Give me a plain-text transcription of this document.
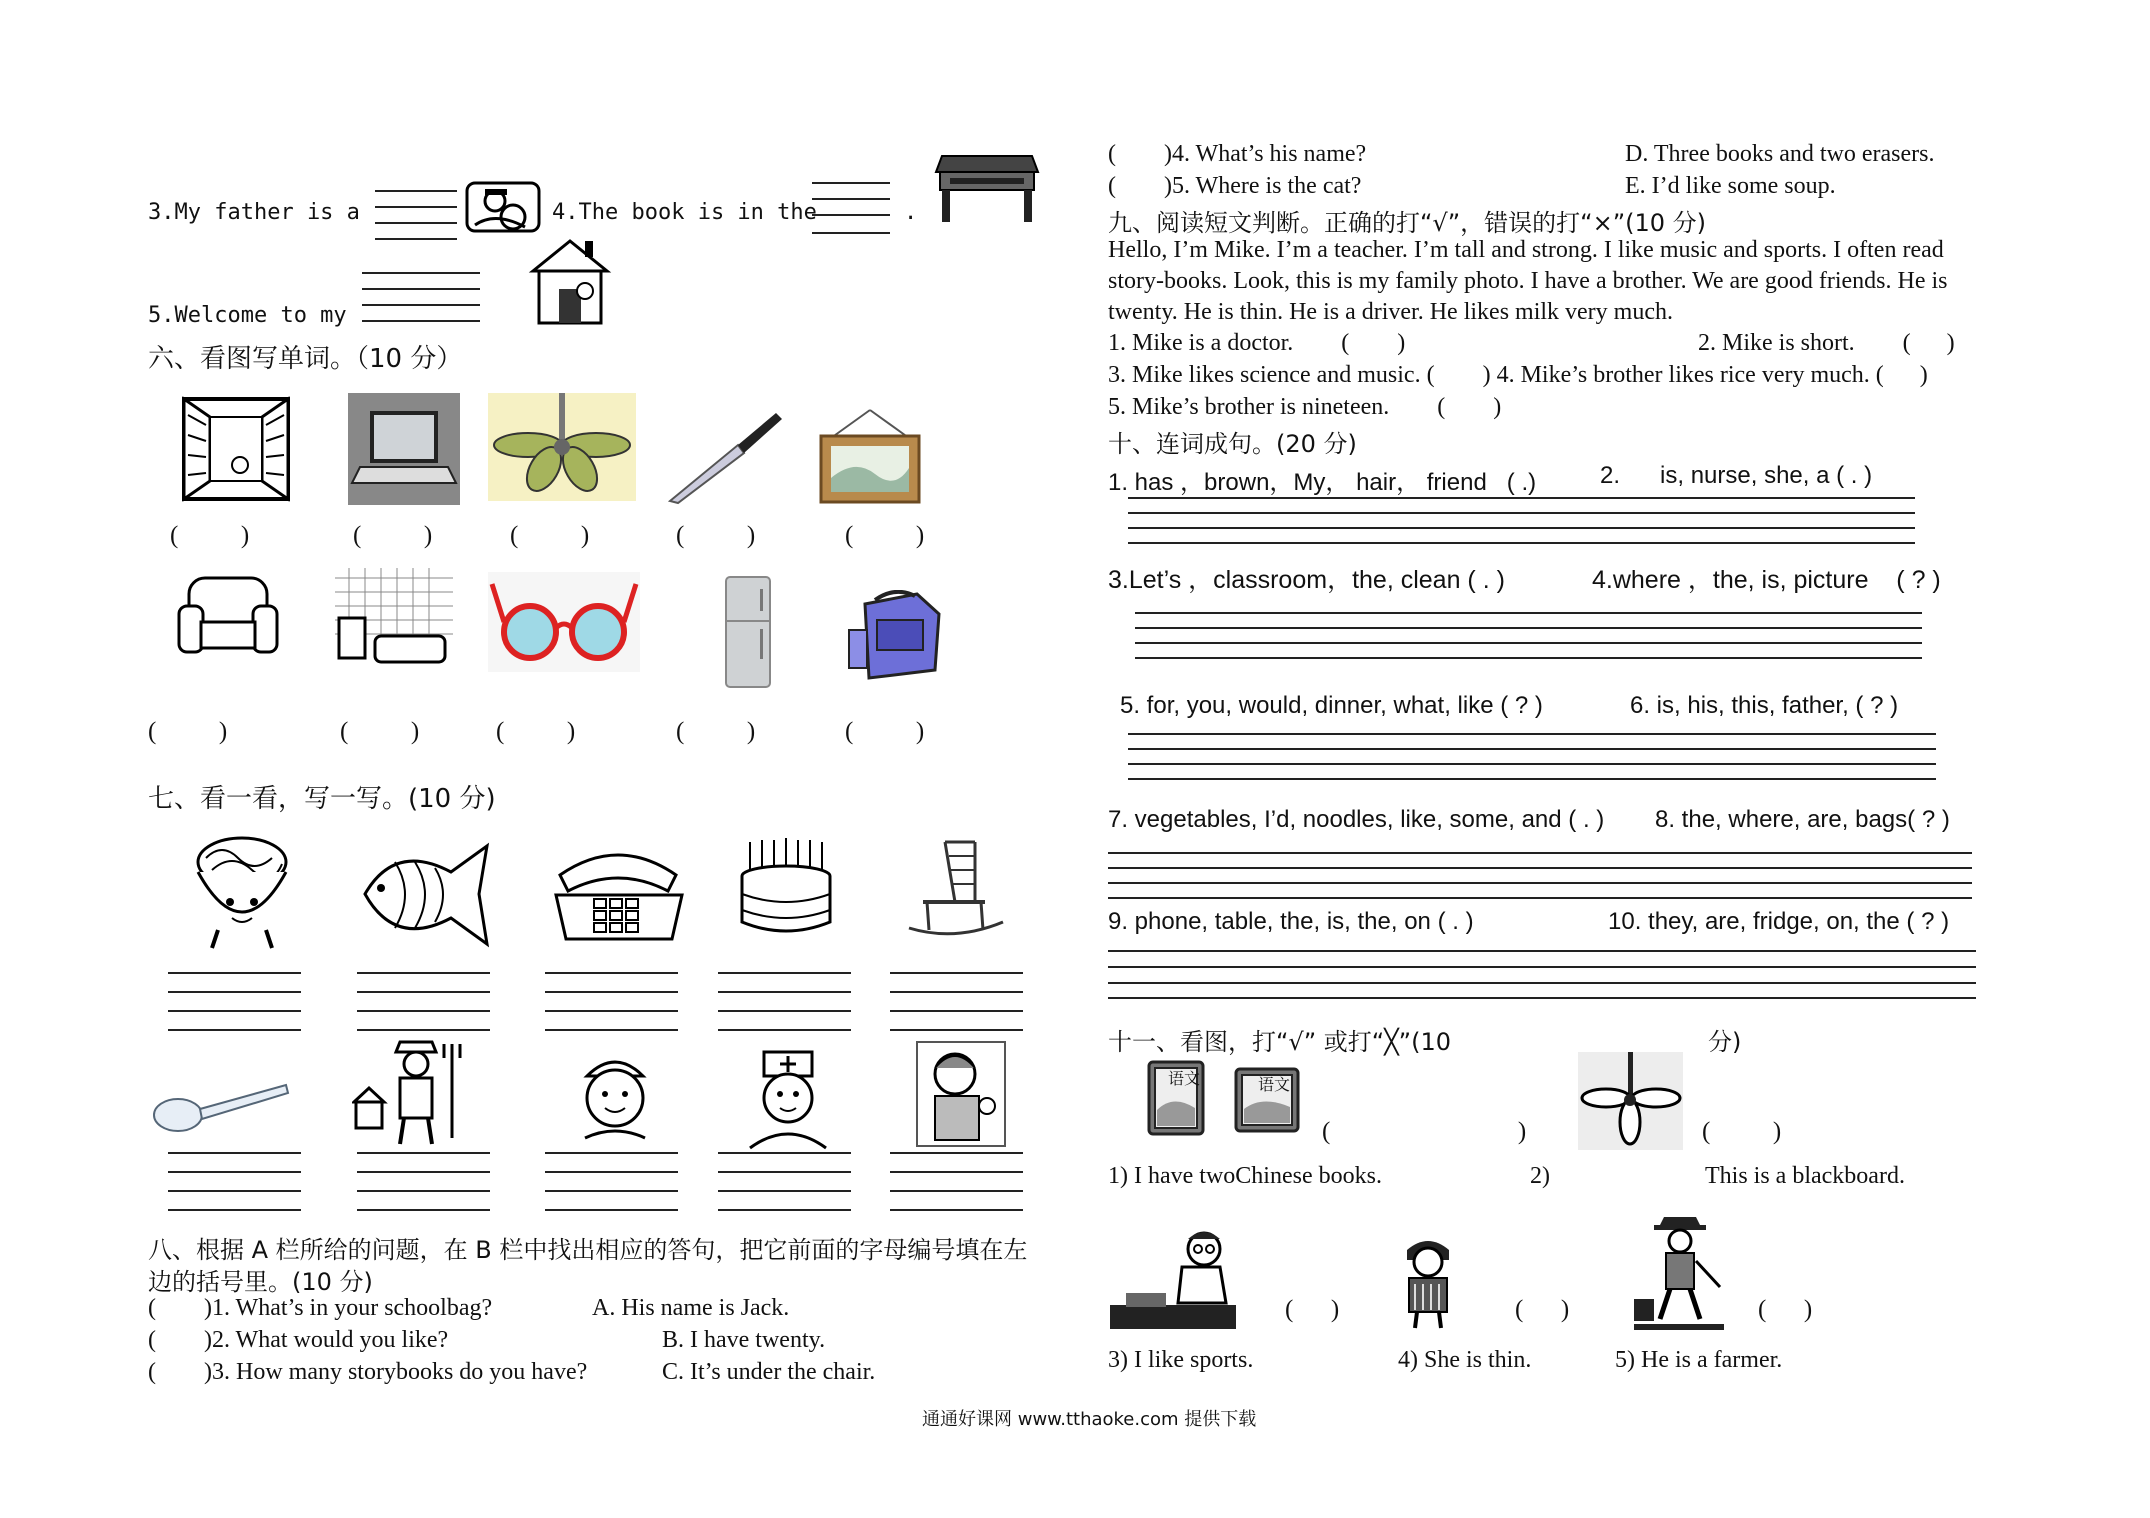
3.My father is a	4.The book is in the	.
5.Welcome to my
六、看图写单词。（10 分）
(          )	(          )	(          )	(          )	(          )
(          )	(          )	(          )	(          )	(          )
七、看一看，写一写。(10 分)
八、根据 A 栏所给的问题，在 B 栏中找出相应的答句，把它前面的字母编号填在左
边的括号里。(10 分)
(        )1. What’s in your schoolbag?
(        )2. What would you like?
(        )3. How many storybooks do you have?
A. His name is Jack.
B. I have twenty.
C. It’s under the chair.
(        )4. What’s his name?
(        )5. Where is the cat?
D. Three books and two erasers.
E. I’d like some soup.
九、阅读短文判断。正确的打“√”，错误的打“×”(10 分)
Hello, I’m Mike. I’m a teacher. I’m tall and strong. I like music and sports. I often read
story-books. Look, this is my family photo. I have a brother. We are good friends. He is
twenty. He is thin. He is a driver. He likes milk very much.
1. Mike is a doctor.        (        )	2. Mike is short.        (      )
3. Mike likes science and music. (        ) 4. Mike’s brother likes rice very much. (      )
5. Mike’s brother is nineteen.        (        )
十、连词成句。(20 分)
1. has ，brown，My， hair， friend   ( .)	2.      is, nurse, she, a ( . )
3.Let’s ，classroom，the, clean ( . )	4.where ，the, is, picture    ( ? )
5. for, you, would, dinner, what, like ( ? )	6. is, his, this, father, ( ? )
7. vegetables, I’d, noodles, like, some, and ( . ) 8. the, where, are, bags( ? )
9. phone, table, the, is, the, on ( . )	10. they, are, fridge, on, the ( ? )
十一、看图，打“√” 或打“╳”(10	分)
语文	语文
(                              )	(          )
1) I have twoChinese books.	2)	This is a blackboard.
(      )	(      )	(      )
3) I like sports.	4) She is thin.	5) He is a farmer.
通通好课网 www.tthaoke.com 提供下载
